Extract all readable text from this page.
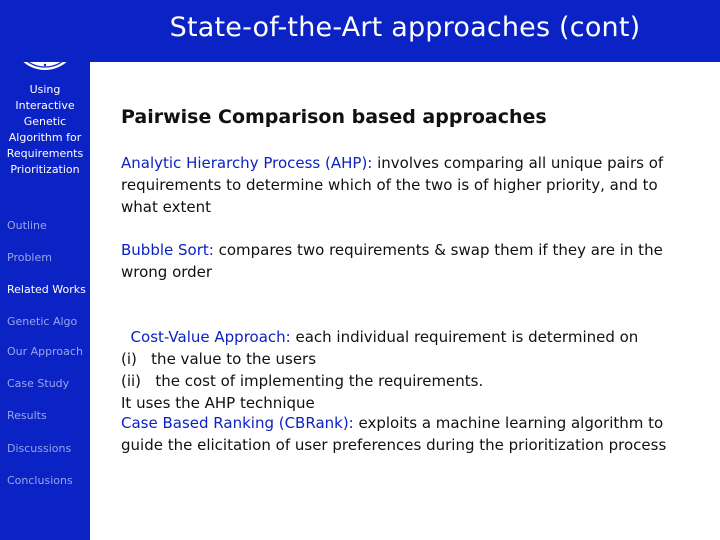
Using
Interactive
Genetic
Algorithm for
Requirements
Prioritization
Outline
Problem
Related Works
Genetic Algo
Our Approach
Case Study
Results
Discussions
Conclusions
State-of-the-Art approaches (cont)
Pairwise Comparison based approaches
Analytic Hierarchy Process (AHP): involves comparing all unique pairs of
requirements to determine which of the two is of higher priority, and to
what extent
Bubble Sort: compares two requirements & swap them if they are in the
wrong order

Cost-Value Approach: each individual requirement is determined on
(i)   the value to the users
(ii)   the cost of implementing the requirements.
It uses the AHP technique

Case Based Ranking (CBRank): exploits a machine learning algorithm to
guide the elicitation of user preferences during the prioritization process
